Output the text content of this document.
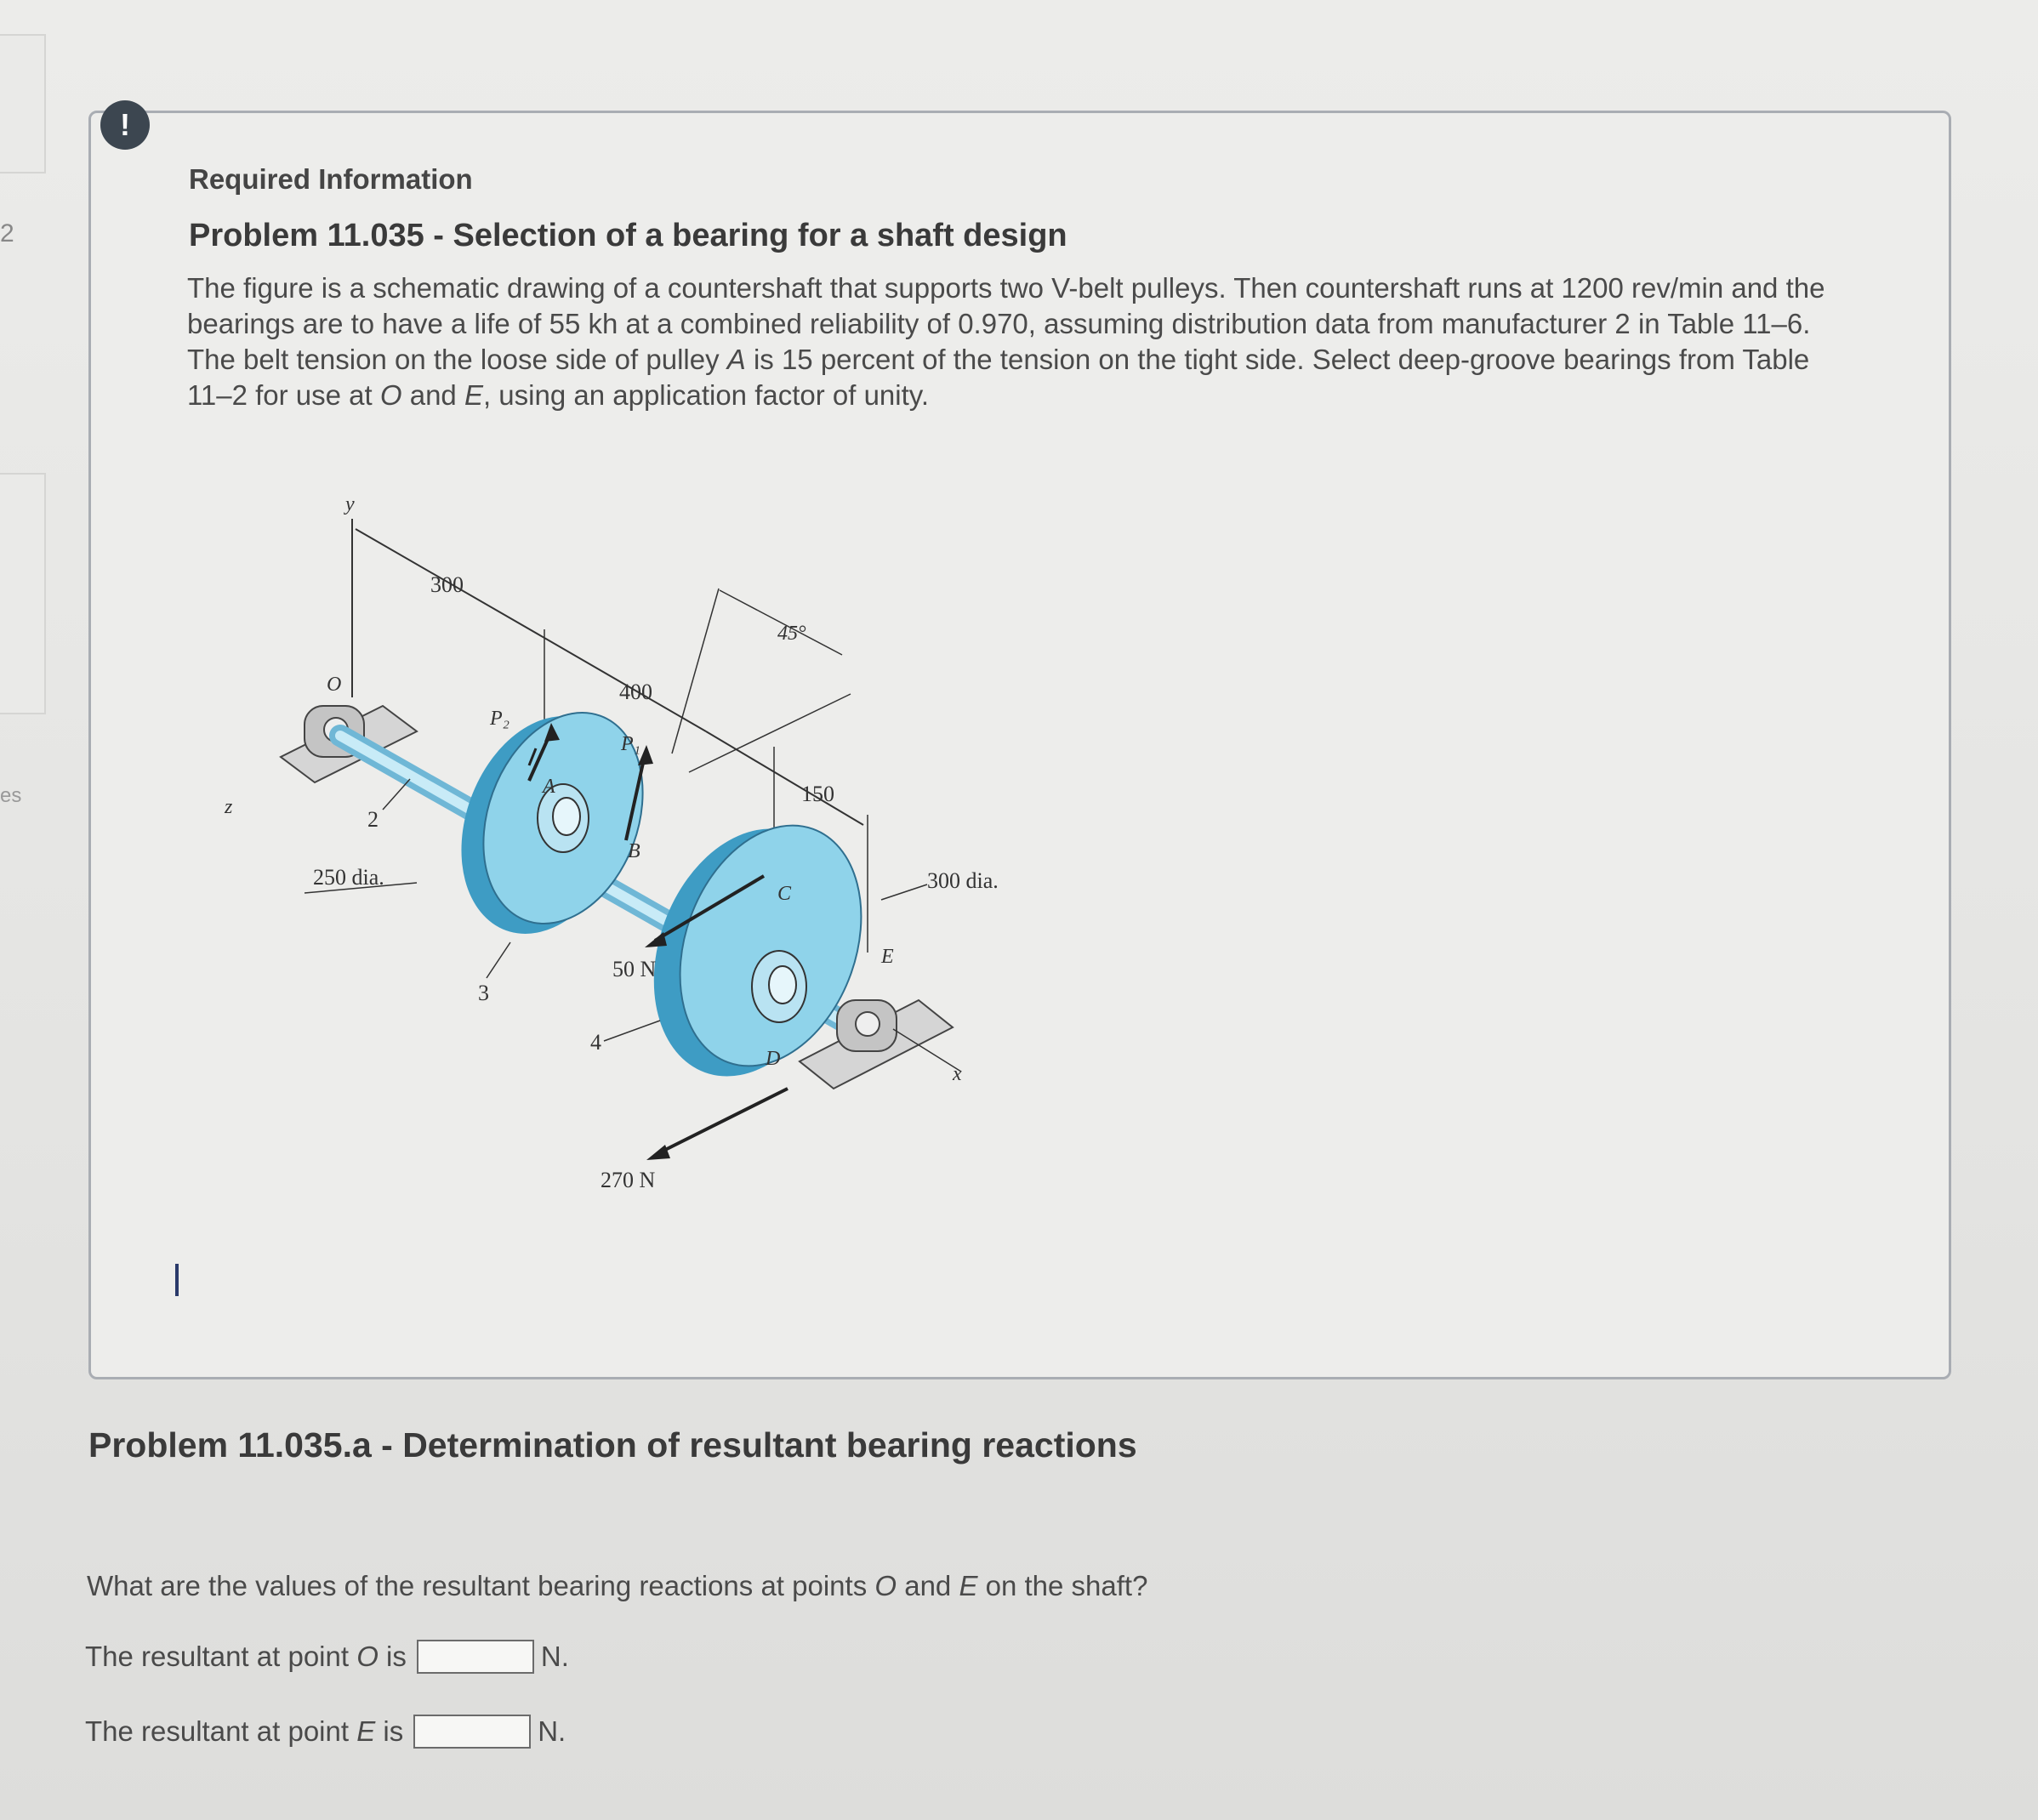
2
es
!
Required Information
Problem 11.035 - Selection of a bearing for a shaft design
The figure is a schematic drawing of a countershaft that supports two V-belt pulleys. Then countershaft runs at 1200 rev/min and the bearings are to have a life of 55 kh at a combined reliability of 0.970, assuming distribution data from manufacturer 2 in Table 11–6. The belt tension on the loose side of pulley A is 15 percent of the tension on the tight side. Select deep-groove bearings from Table 11–2 for use at O and E, using an application factor of unity.
y
300
400
150
45°
O
z
A
B
P₂
P₁
C
D
50 N
270 N
E
x
250 dia.	300 dia.
2
3
4
Problem 11.035.a - Determination of resultant bearing reactions
What are the values of the resultant bearing reactions at points O and E on the shaft?
The resultant at point O is	N.
The resultant at point E is	N.
